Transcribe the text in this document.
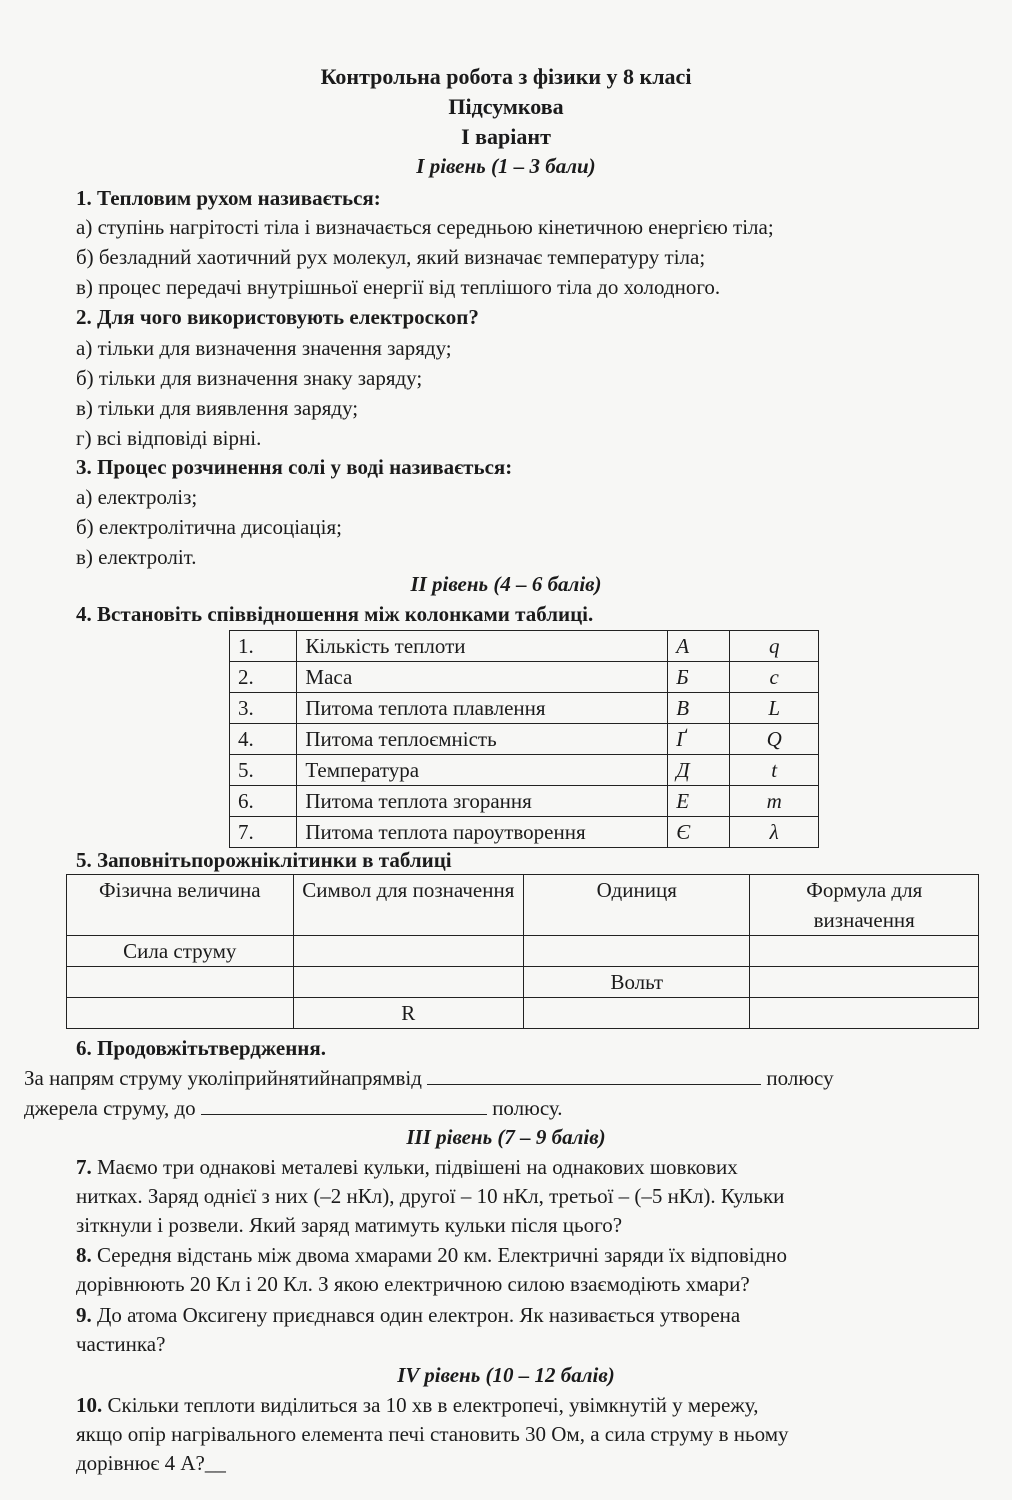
Контрольна робота з фізики у 8 класі
Підсумкова
І варіант
І рівень (1 – 3 бали)
1. Тепловим рухом називається:
а) ступінь нагрітості тіла і визначається середньою кінетичною енергією тіла;
б) безладний хаотичний рух молекул, який визначає температуру тіла;
в) процес передачі внутрішньої енергії від теплішого тіла до холодного.
2. Для чого використовують електроскоп?
а) тільки для визначення значення заряду;
б) тільки для визначення знаку заряду;
в) тільки для виявлення заряду;
г) всі відповіді вірні.
3. Процес розчинення солі у воді називається:
а) електроліз;
б) електролітична дисоціація;
в) електроліт.
ІІ рівень (4 – 6 балів)
4. Встановіть співвідношення між колонками таблиці.
1.	Кількість теплоти	А	q
2.	Маса	Б	c
3.	Питома теплота плавлення	В	L
4.	Питома теплоємність	Ґ	Q
5.	Температура	Д	t
6.	Питома теплота згорання	Е	m
7.	Питома теплота пароутворення	Є	λ
5. Заповнітьпорожніклітинки в таблиці
Фізична величина	Символ для позначення	Одиниця	Формула для визначення
Сила струму			
		Вольт	
	R		
6. Продовжітьтвердження.
За напрям струму уколіприйнятийнапрямвід	полюсу
джерела струму, до	полюсу.
ІІІ рівень (7 – 9 балів)
7. Маємо три однакові металеві кульки, підвішені на однакових шовкових
нитках. Заряд однієї з них (–2 нКл), другої – 10 нКл, третьої – (–5 нКл). Кульки
зіткнули і розвели. Який заряд матимуть кульки після цього?
8. Середня відстань між двома хмарами 20 км. Електричні заряди їх відповідно
дорівнюють 20 Кл і 20 Кл. З якою електричною силою взаємодіють хмари?
9. До атома Оксигену приєднався один електрон. Як називається утворена
частинка?
ІV рівень (10 – 12 балів)
10. Скільки теплоти виділиться за 10 хв в електропечі, увімкнутій у мережу,
якщо опір нагрівального елемента печі становить 30 Ом, а сила струму в ньому
дорівнює 4 А?__
